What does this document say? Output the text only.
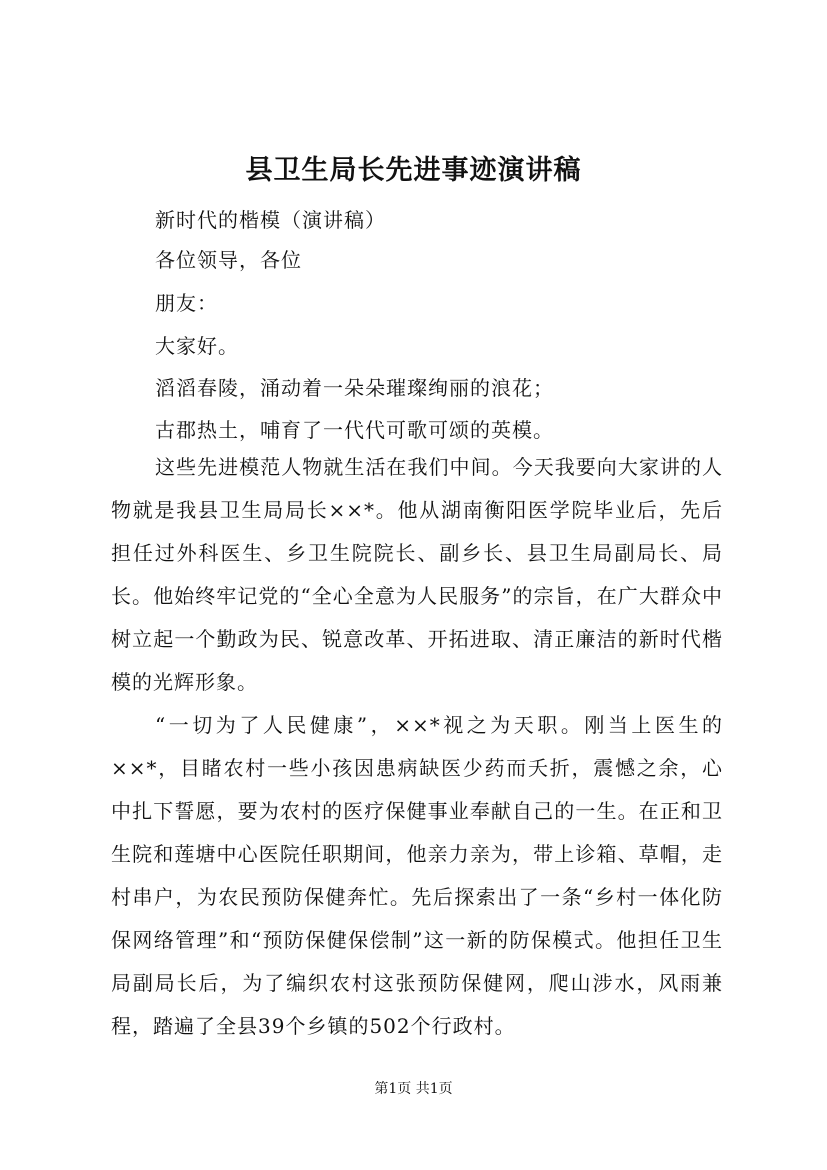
县卫生局长先进事迹演讲稿
新时代的楷模（演讲稿）
各位领导，各位
朋友：
大家好。
滔滔春陵，涌动着一朵朵璀璨绚丽的浪花；
古郡热土，哺育了一代代可歌可颂的英模。
这些先进模范人物就生活在我们中间。今天我要向大家讲的人物就是我县卫生局局长××*。他从湖南衡阳医学院毕业后，先后担任过外科医生、乡卫生院院长、副乡长、县卫生局副局长、局长。他始终牢记党的“全心全意为人民服务”的宗旨，在广大群众中树立起一个勤政为民、锐意改革、开拓进取、清正廉洁的新时代楷模的光辉形象。
“一切为了人民健康”，××*视之为天职。刚当上医生的××*，目睹农村一些小孩因患病缺医少药而夭折，震憾之余，心中扎下誓愿，要为农村的医疗保健事业奉献自己的一生。在正和卫生院和莲塘中心医院任职期间，他亲力亲为，带上诊箱、草帽，走村串户，为农民预防保健奔忙。先后探索出了一条“乡村一体化防保网络管理”和“预防保健保偿制”这一新的防保模式。他担任卫生局副局长后，为了编织农村这张预防保健网，爬山涉水，风雨兼程，踏遍了全县39个乡镇的502个行政村。
第1页 共1页
